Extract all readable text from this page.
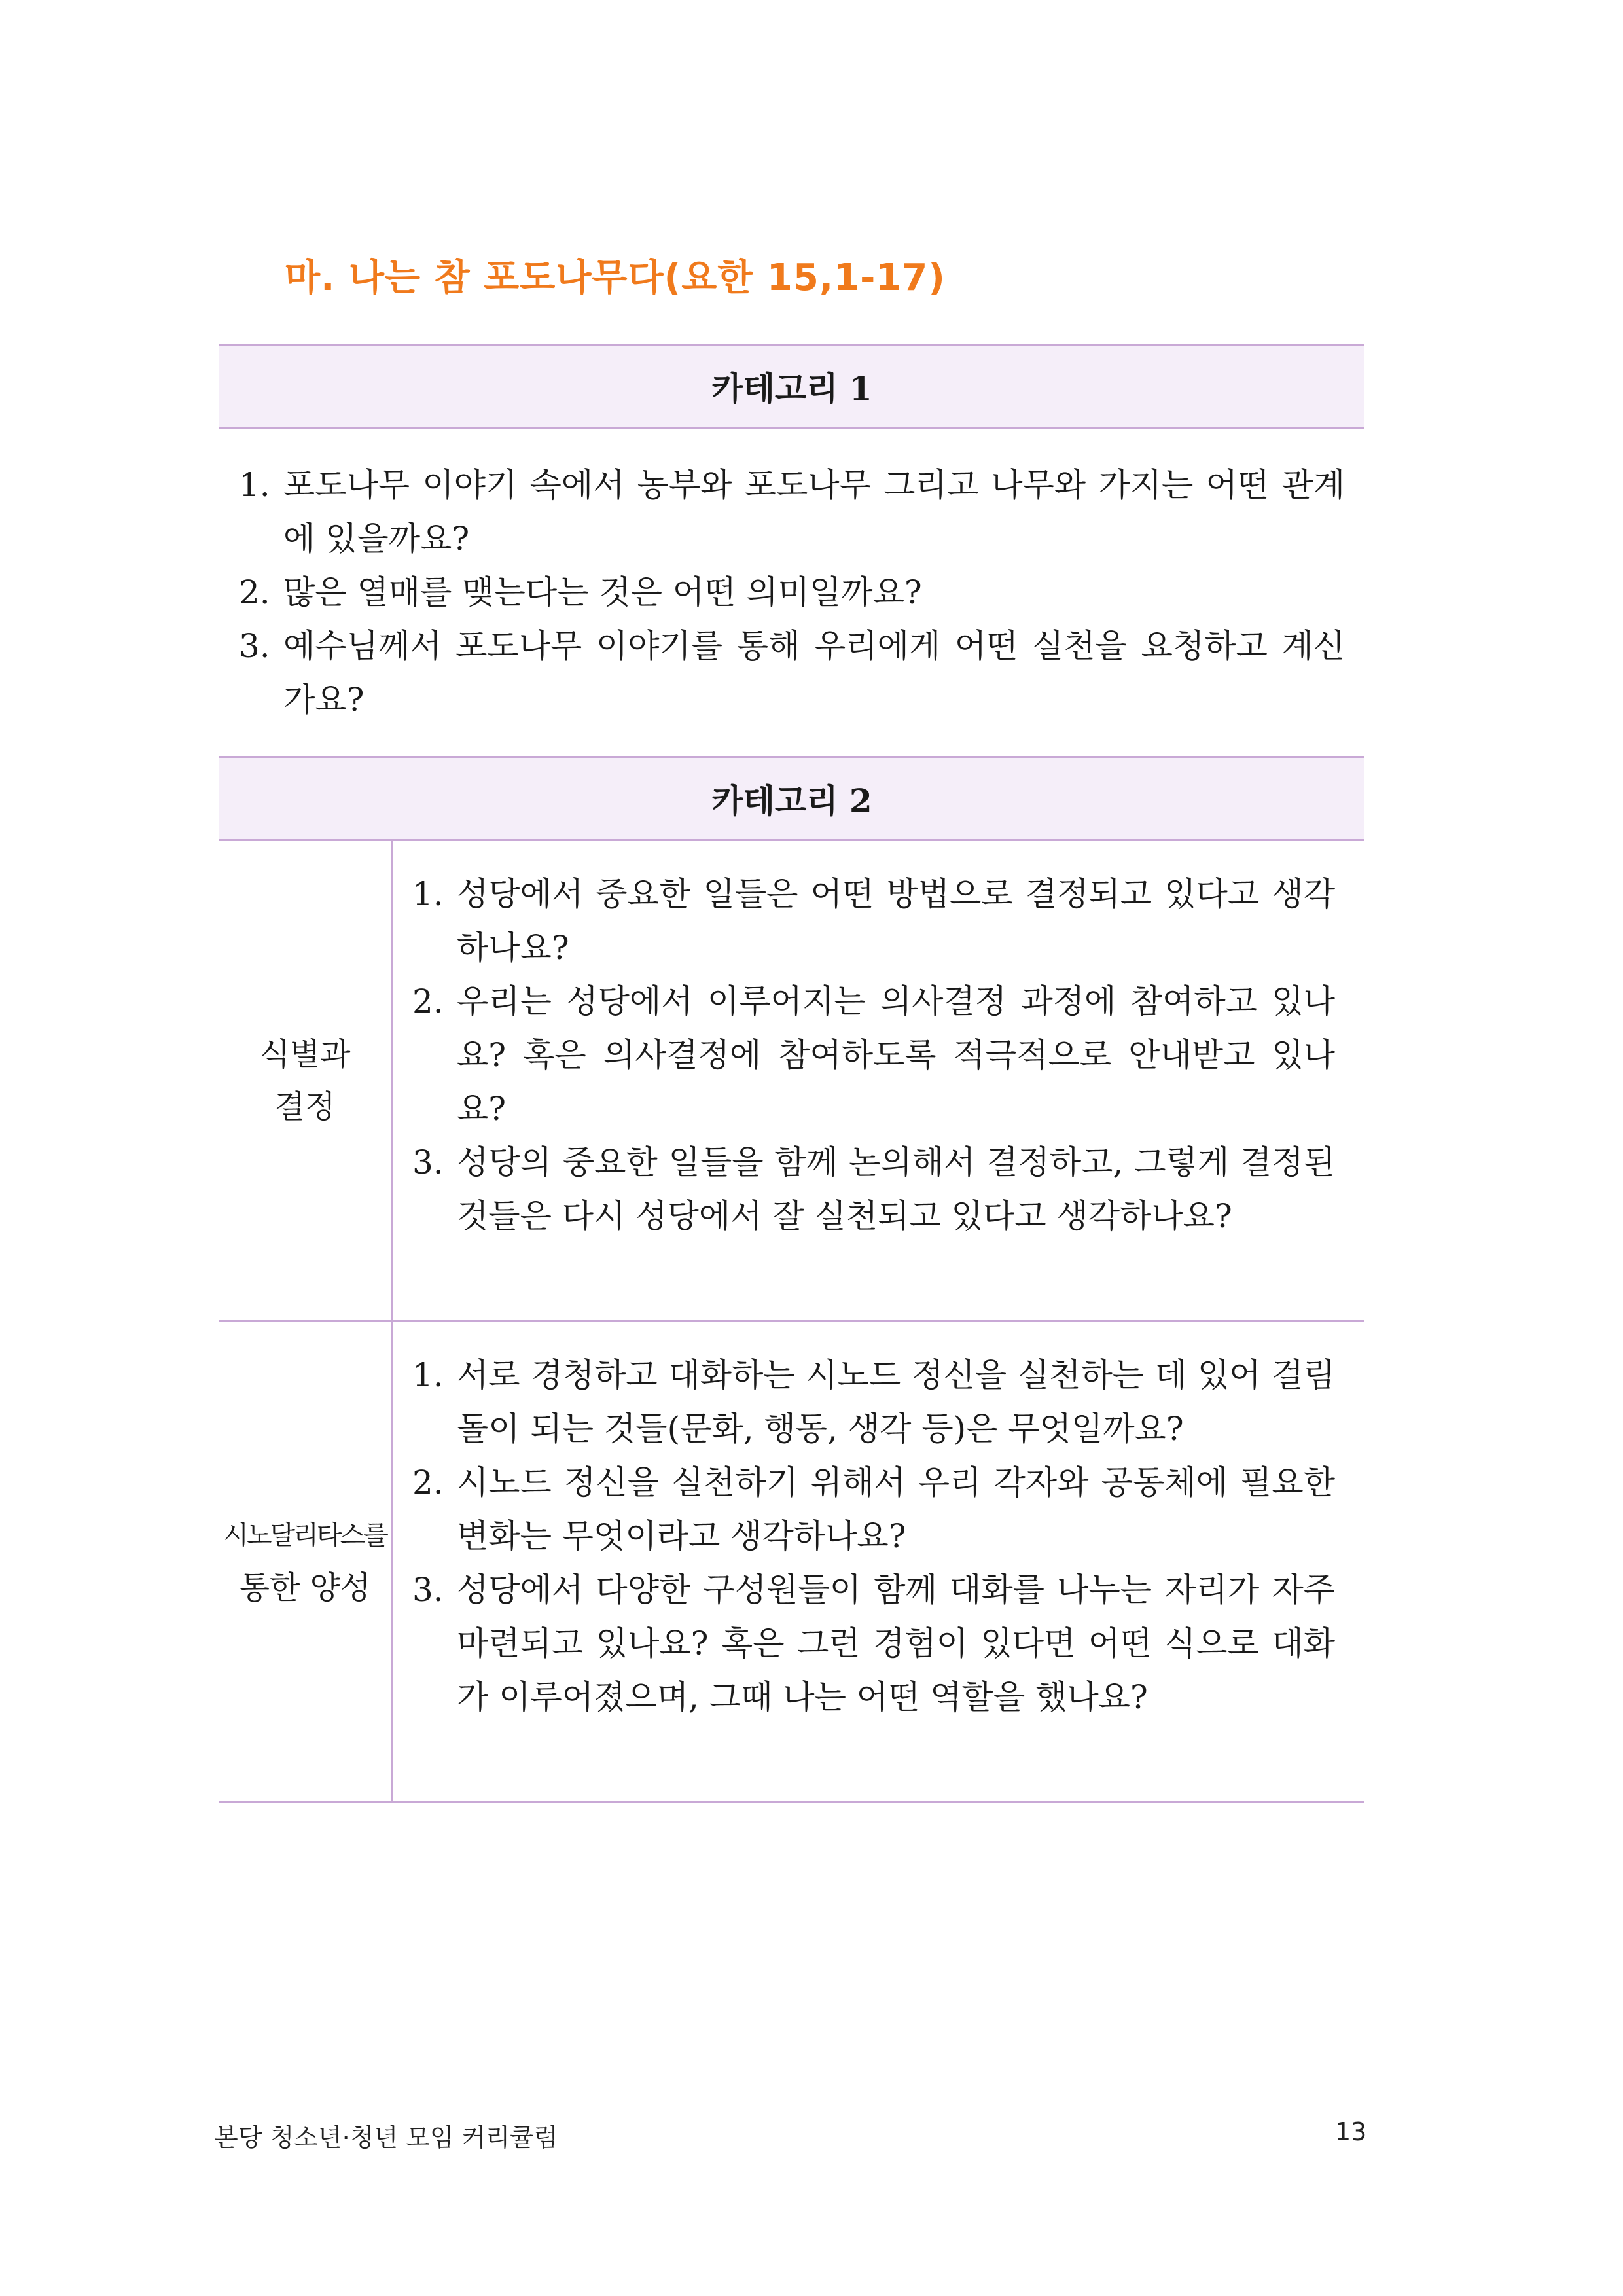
마. 나는 참 포도나무다(요한 15,1-17)
카테고리 1
1. 포도나무 이야기 속에서 농부와 포도나무 그리고 나무와 가지는 어떤 관계에 있을까요?
2. 많은 열매를 맺는다는 것은 어떤 의미일까요?
3. 예수님께서 포도나무 이야기를 통해 우리에게 어떤 실천을 요청하고 계신가요?
카테고리 2
식별과
결정
1. 성당에서 중요한 일들은 어떤 방법으로 결정되고 있다고 생각하나요?
2. 우리는 성당에서 이루어지는 의사결정 과정에 참여하고 있나요? 혹은 의사결정에 참여하도록 적극적으로 안내받고 있나요?
3. 성당의 중요한 일들을 함께 논의해서 결정하고, 그렇게 결정된 것들은 다시 성당에서 잘 실천되고 있다고 생각하나요?
시노달리타스를
통한 양성
1. 서로 경청하고 대화하는 시노드 정신을 실천하는 데 있어 걸림돌이 되는 것들(문화, 행동, 생각 등)은 무엇일까요?
2. 시노드 정신을 실천하기 위해서 우리 각자와 공동체에 필요한 변화는 무엇이라고 생각하나요?
3. 성당에서 다양한 구성원들이 함께 대화를 나누는 자리가 자주 마련되고 있나요? 혹은 그런 경험이 있다면 어떤 식으로 대화가 이루어졌으며, 그때 나는 어떤 역할을 했나요?
본당 청소년·청년 모임 커리큘럼	13
